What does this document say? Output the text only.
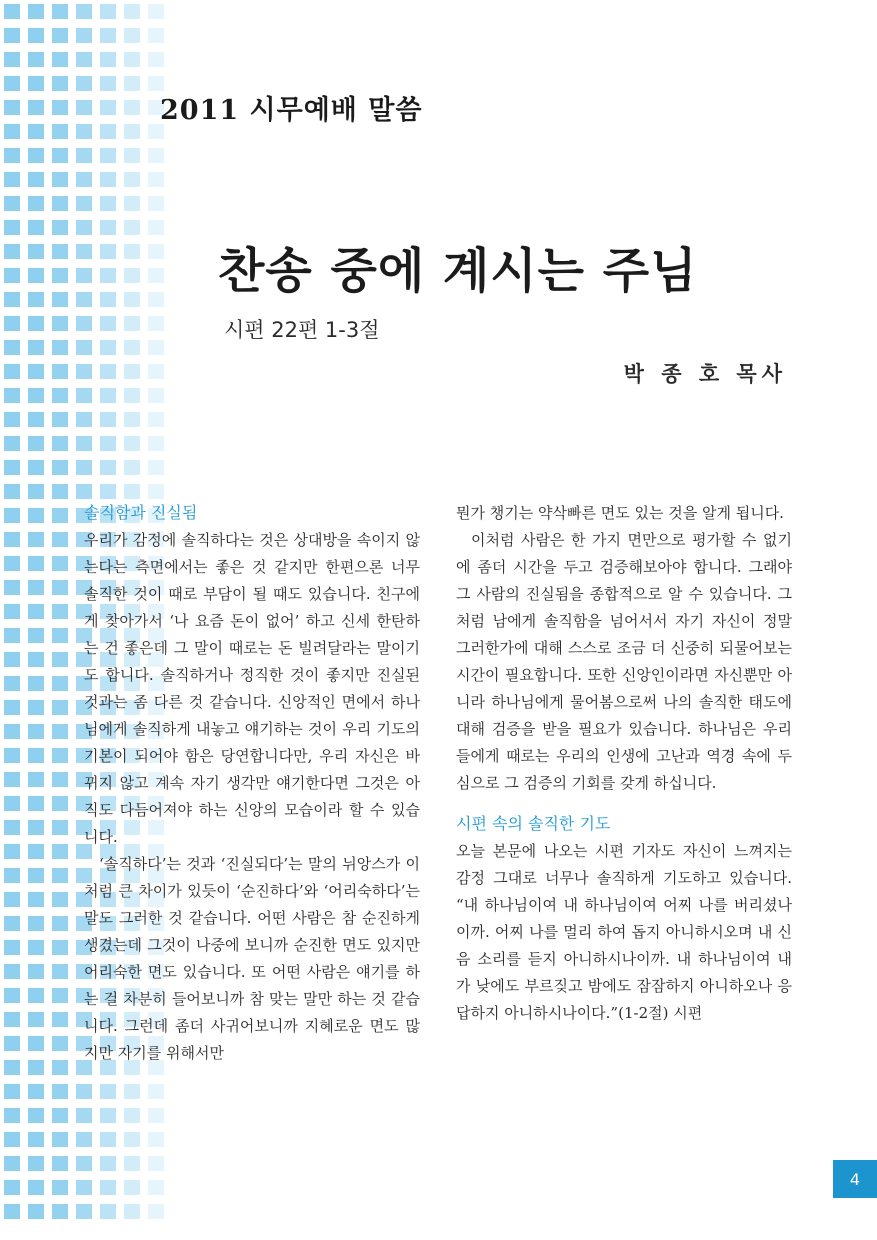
2011 시무예배 말씀
찬송 중에 계시는 주님
시편 22편 1-3절
박 종 호 목사
솔직함과 진실됨

우리가 감정에 솔직하다는 것은 상대방을 속이지 않는다는 측면에서는 좋은 것 같지만 한편으론 너무 솔직한 것이 때로 부담이 될 때도 있습니다. 친구에게 찾아가서 ‘나 요즘 돈이 없어’ 하고 신세 한탄하는 건 좋은데 그 말이 때로는 돈 빌려달라는 말이기도 합니다. 솔직하거나 정직한 것이 좋지만 진실된 것과는 좀 다른 것 같습니다. 신앙적인 면에서 하나님에게 솔직하게 내놓고 얘기하는 것이 우리 기도의 기본이 되어야 함은 당연합니다만, 우리 자신은 바뀌지 않고 계속 자기 생각만 얘기한다면 그것은 아직도 다듬어져야 하는 신앙의 모습이라 할 수 있습니다.

‘솔직하다’는 것과 ‘진실되다’는 말의 뉘앙스가 이처럼 큰 차이가 있듯이 ‘순진하다’와 ‘어리숙하다’는 말도 그러한 것 같습니다. 어떤 사람은 참 순진하게 생겼는데 그것이 나중에 보니까 순진한 면도 있지만 어리숙한 면도 있습니다. 또 어떤 사람은 얘기를 하는 걸 차분히 들어보니까 참 맞는 말만 하는 것 같습니다. 그런데 좀더 사귀어보니까 지혜로운 면도 많지만 자기를 위해서만

뭔가 챙기는 약삭빠른 면도 있는 것을 알게 됩니다.

이처럼 사람은 한 가지 면만으로 평가할 수 없기에 좀더 시간을 두고 검증해보아야 합니다. 그래야 그 사람의 진실됨을 종합적으로 알 수 있습니다. 그처럼 남에게 솔직함을 넘어서서 자기 자신이 정말 그러한가에 대해 스스로 조금 더 신중히 되물어보는 시간이 필요합니다. 또한 신앙인이라면 자신뿐만 아니라 하나님에게 물어봄으로써 나의 솔직한 태도에 대해 검증을 받을 필요가 있습니다. 하나님은 우리들에게 때로는 우리의 인생에 고난과 역경 속에 두심으로 그 검증의 기회를 갖게 하십니다.

시편 속의 솔직한 기도

오늘 본문에 나오는 시편 기자도 자신이 느껴지는 감정 그대로 너무나 솔직하게 기도하고 있습니다. “내 하나님이여 내 하나님이여 어찌 나를 버리셨나이까. 어찌 나를 멀리 하여 돕지 아니하시오며 내 신음 소리를 듣지 아니하시나이까. 내 하나님이여 내가 낮에도 부르짖고 밤에도 잠잠하지 아니하오나 응답하지 아니하시나이다.”(1-2절) 시편

4
